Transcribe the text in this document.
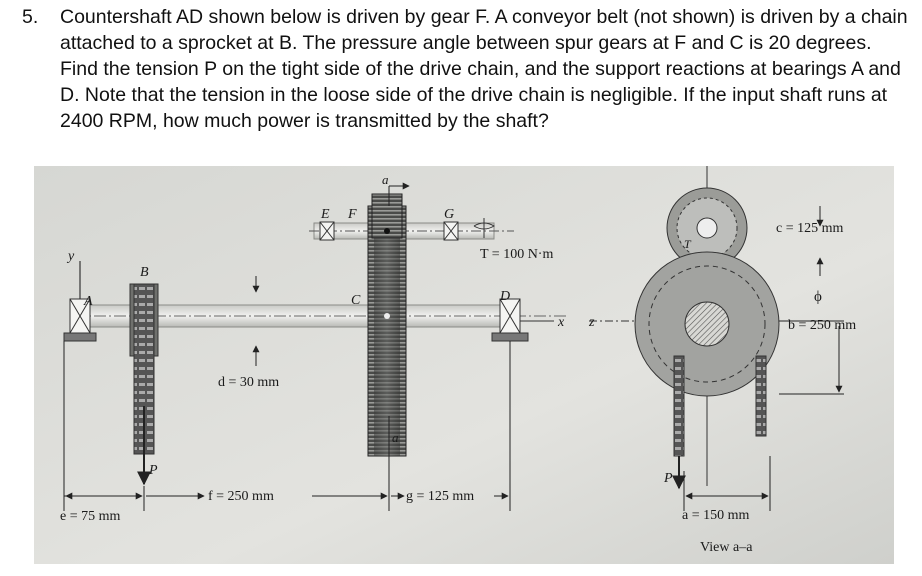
5. Countershaft AD shown below is driven by gear F. A conveyor belt (not shown) is driven by a chain attached to a sprocket at B. The pressure angle between spur gears at F and C is 20 degrees. Find the tension P on the tight side of the drive chain, and the support reactions at bearings A and D. Note that the tension in the loose side of the drive chain is negligible. If the input shaft runs at 2400 RPM, how much power is transmitted by the shaft?
y
A
B
C	D
E F	G
x z
a
a
P
P
T
ϕ
T = 100 N·m
d = 30 mm
e = 75 mm
f = 250 mm	g = 125 mm
a = 150 mm
b = 250 mm
c = 125 mm
View a–a
